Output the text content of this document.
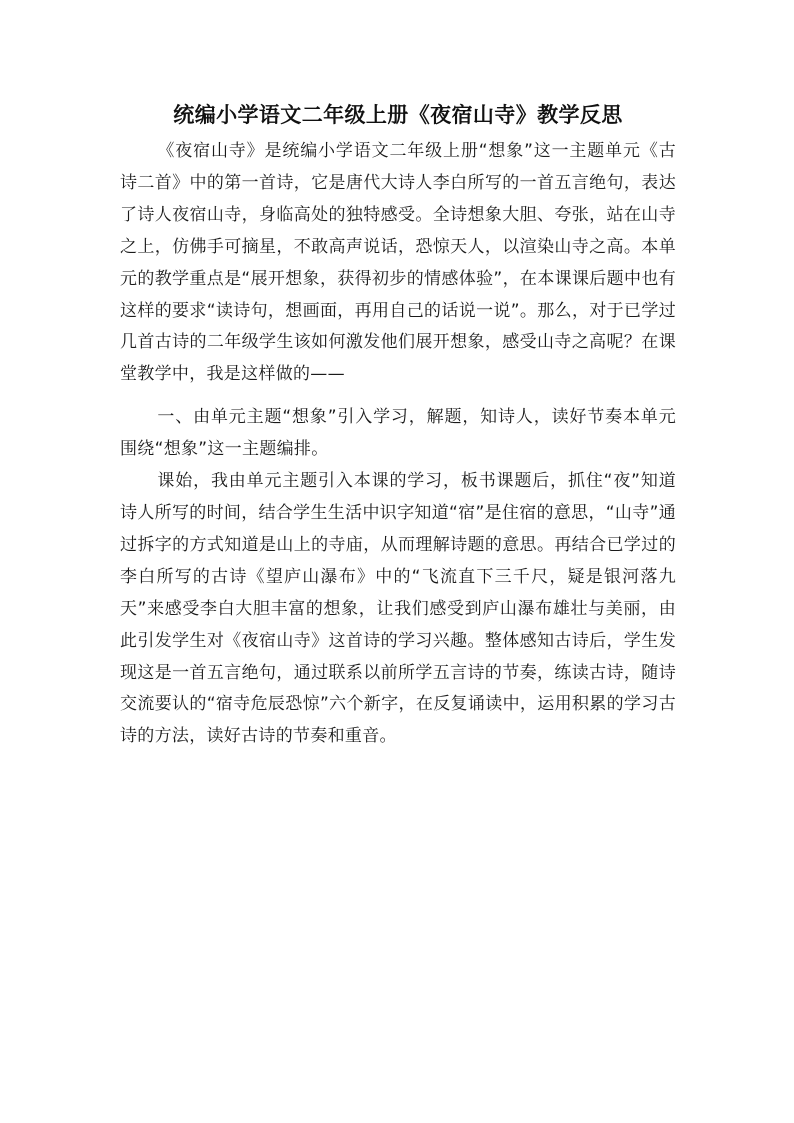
统编小学语文二年级上册《夜宿山寺》教学反思

《夜宿山寺》是统编小学语文二年级上册“想象”这一主题单元《古诗二首》中的第一首诗，它是唐代大诗人李白所写的一首五言绝句，表达了诗人夜宿山寺，身临高处的独特感受。全诗想象大胆、夸张，站在山寺之上，仿佛手可摘星，不敢高声说话，恐惊天人，以渲染山寺之高。本单元的教学重点是“展开想象，获得初步的情感体验”，在本课课后题中也有这样的要求“读诗句，想画面，再用自己的话说一说”。那么，对于已学过几首古诗的二年级学生该如何激发他们展开想象，感受山寺之高呢？在课堂教学中，我是这样做的——

一、由单元主题“想象”引入学习，解题，知诗人，读好节奏本单元围绕“想象”这一主题编排。

课始，我由单元主题引入本课的学习，板书课题后，抓住“夜”知道诗人所写的时间，结合学生生活中识字知道“宿”是住宿的意思，“山寺”通过拆字的方式知道是山上的寺庙，从而理解诗题的意思。再结合已学过的李白所写的古诗《望庐山瀑布》中的“飞流直下三千尺，疑是银河落九天”来感受李白大胆丰富的想象，让我们感受到庐山瀑布雄壮与美丽，由此引发学生对《夜宿山寺》这首诗的学习兴趣。整体感知古诗后，学生发现这是一首五言绝句，通过联系以前所学五言诗的节奏，练读古诗，随诗交流要认的“宿寺危辰恐惊”六个新字，在反复诵读中，运用积累的学习古诗的方法，读好古诗的节奏和重音。
